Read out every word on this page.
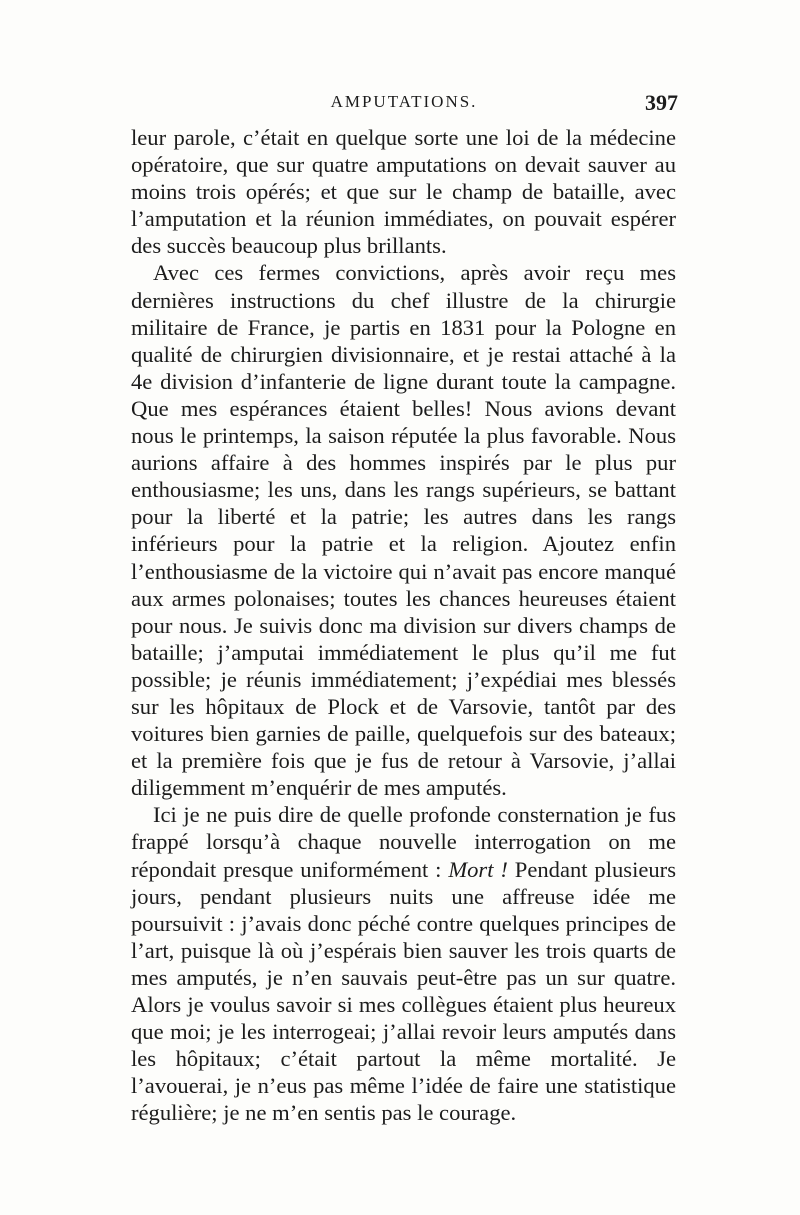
AMPUTATIONS.	397

leur parole, c’était en quelque sorte une loi de la médecine opératoire, que sur quatre amputations on devait sauver au moins trois opérés; et que sur le champ de bataille, avec l’amputation et la réunion immédiates, on pouvait espérer des succès beaucoup plus brillants.

Avec ces fermes convictions, après avoir reçu mes dernières instructions du chef illustre de la chirurgie militaire de France, je partis en 1831 pour la Pologne en qualité de chirurgien divisionnaire, et je restai attaché à la 4e division d’infanterie de ligne durant toute la campagne. Que mes espérances étaient belles! Nous avions devant nous le printemps, la saison réputée la plus favorable. Nous aurions affaire à des hommes inspirés par le plus pur enthousiasme; les uns, dans les rangs supérieurs, se battant pour la liberté et la patrie; les autres dans les rangs inférieurs pour la patrie et la religion. Ajoutez enfin l’enthousiasme de la victoire qui n’avait pas encore manqué aux armes polonaises; toutes les chances heureuses étaient pour nous. Je suivis donc ma division sur divers champs de bataille; j’amputai immédiatement le plus qu’il me fut possible; je réunis immédiatement; j’expédiai mes blessés sur les hôpitaux de Plock et de Varsovie, tantôt par des voitures bien garnies de paille, quelquefois sur des bateaux; et la première fois que je fus de retour à Varsovie, j’allai diligemment m’enquérir de mes amputés.

Ici je ne puis dire de quelle profonde consternation je fus frappé lorsqu’à chaque nouvelle interrogation on me répondait presque uniformément : Mort ! Pendant plusieurs jours, pendant plusieurs nuits une affreuse idée me poursuivit : j’avais donc péché contre quelques principes de l’art, puisque là où j’espérais bien sauver les trois quarts de mes amputés, je n’en sauvais peut-être pas un sur quatre. Alors je voulus savoir si mes collègues étaient plus heureux que moi; je les interrogeai; j’allai revoir leurs amputés dans les hôpitaux; c’était partout la même mortalité. Je l’avouerai, je n’eus pas même l’idée de faire une statistique régulière; je ne m’en sentis pas le courage.
